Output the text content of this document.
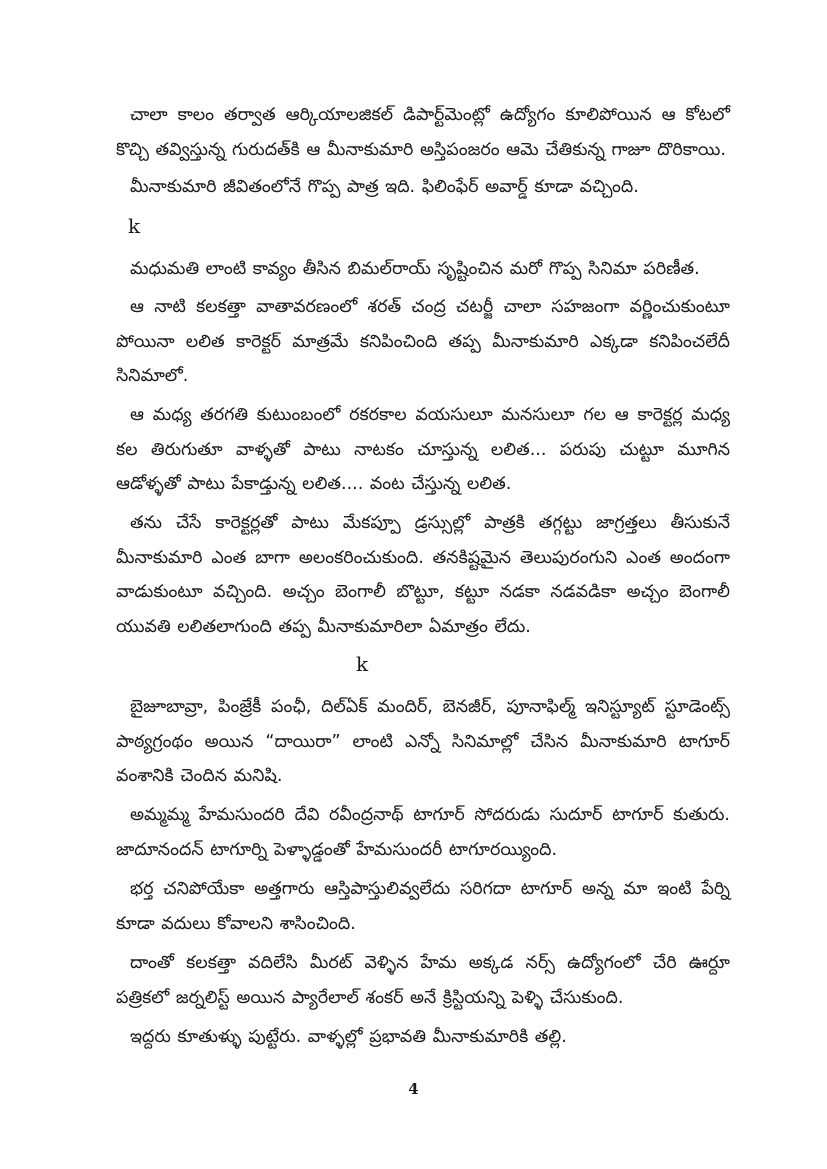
చాలా కాలం తర్వాత ఆర్కియాలజికల్ డిపార్ట్‌మెంట్లో ఉద్యోగం కూలిపోయిన ఆ కోటలో కొచ్చి తవ్విస్తున్న గురుదత్‌కి ఆ మీనాకుమారి అస్తిపంజరం ఆమె చేతికున్న గాజూ దొరికాయి.

మీనాకుమారి జీవితంలోనే గొప్ప పాత్ర ఇది. ఫిలింఫేర్ అవార్డ్ కూడా వచ్చింది.

k

మధుమతి లాంటి కావ్యం తీసిన బిమల్‌రాయ్ సృష్టించిన మరో గొప్ప సినిమా పరిణీత.

ఆ నాటి కలకత్తా వాతావరణంలో శరత్ చంద్ర చటర్జీ చాలా సహజంగా వర్ణించుకుంటూ పోయినా లలిత కారెక్టర్ మాత్రమే కనిపించింది తప్ప మీనాకుమారి ఎక్కడా కనిపించలేదీ సినిమాలో.

ఆ మధ్య తరగతి కుటుంబంలో రకరకాల వయసులూ మనసులూ గల ఆ కారెక్టర్ల మధ్య కల తిరుగుతూ వాళ్ళతో పాటు నాటకం చూస్తున్న లలిత... పరుపు చుట్టూ మూగిన ఆడోళ్ళతో పాటు పేకాడ్తున్న లలిత.... వంట చేస్తున్న లలిత.

తను చేసే కారెక్టర్లతో పాటు మేకప్పూ డ్రస్సుల్లో పాత్రకి తగ్గట్టు జాగ్రత్తలు తీసుకునే మీనాకుమారి ఎంత బాగా అలంకరించుకుంది. తనకిష్టమైన తెలుపురంగుని ఎంత అందంగా వాడుకుంటూ వచ్చింది. అచ్చం బెంగాలీ బొట్టూ, కట్టూ నడకా నడవడికా అచ్చం బెంగాలీ యువతి లలితలాగుంది తప్ప మీనాకుమారిలా ఏమాత్రం లేదు.

k

బైజూబావ్రా, పింజ్రేకీ పంఛీ, దిల్‌ఏక్ మందిర్, బెనజీర్, పూనాఫిల్మ్ ఇనిస్ట్యూట్ స్టూడెంట్స్ పాఠ్యగ్రంథం అయిన “దాయిరా” లాంటి ఎన్నో సినిమాల్లో చేసిన మీనాకుమారి టాగూర్ వంశానికి చెందిన మనిషి.

అమ్మమ్మ హేమసుందరి దేవి రవీంద్రనాథ్ టాగూర్ సోదరుడు సుదూర్ టాగూర్ కుతురు. జాదూనందన్ టాగూర్ని పెళ్ళాడ్డంతో హేమసుందరీ టాగూరయ్యింది.

భర్త చనిపోయేకా అత్తగారు ఆస్తిపాస్తులివ్వలేదు సరిగదా టాగూర్ అన్న మా ఇంటి పేర్ని కూడా వదులు కోవాలని శాసించింది.

దాంతో కలకత్తా వదిలేసి మీరట్ వెళ్ళిన హేమ అక్కడ నర్స్ ఉద్యోగంలో చేరి ఊర్దూ పత్రికలో జర్నలిస్ట్ అయిన ప్యారేలాల్ శంకర్ అనే క్రిస్టియన్ని పెళ్ళి చేసుకుంది.

ఇద్దరు కూతుళ్ళు పుట్టేరు. వాళ్ళల్లో ప్రభావతి మీనాకుమారికి తల్లి.

4
